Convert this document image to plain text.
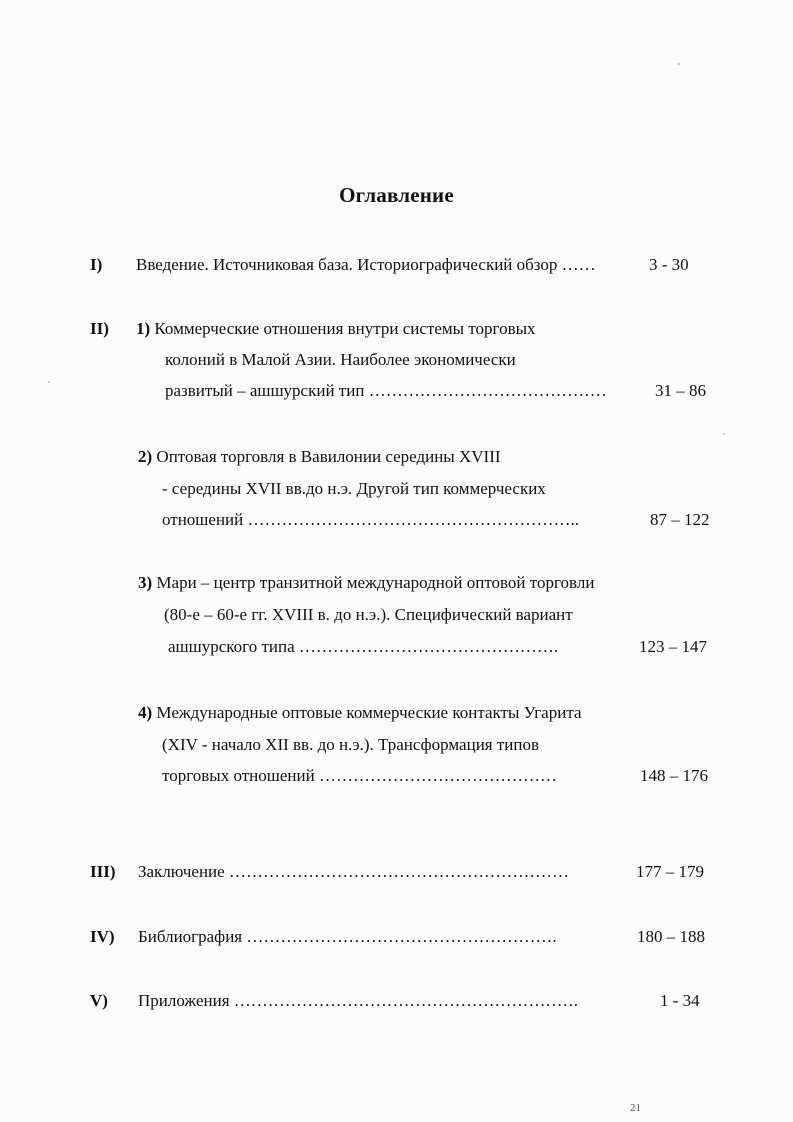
Оглавление
I) Введение. Источниковая база. Историографический обзор ……	3 - 30
II) 1) Коммерческие отношения внутри системы торговых
колоний в Малой Азии. Наиболее экономически
развитый – ашшурский тип ……………………………………	31 – 86
2) Оптовая торговля в Вавилонии середины XVIII
- середины XVII вв.до н.э. Другой тип коммерческих
отношений …………………………………………………..	87 – 122
3) Мари – центр транзитной международной оптовой торговли
(80-е – 60-е гг. XVIII в. до н.э.). Специфический вариант
ашшурского типа ……………………………………….	123 – 147
4) Международные оптовые коммерческие контакты Угарита
(XIV - начало XII вв. до н.э.). Трансформация типов
торговых отношений ……………………………………	148 – 176
III) Заключение ……………………………………………………	177 – 179
IV) Библиография ……………………………………………….	180 – 188
V) Приложения …………………………………………………….	1 - 34
21
